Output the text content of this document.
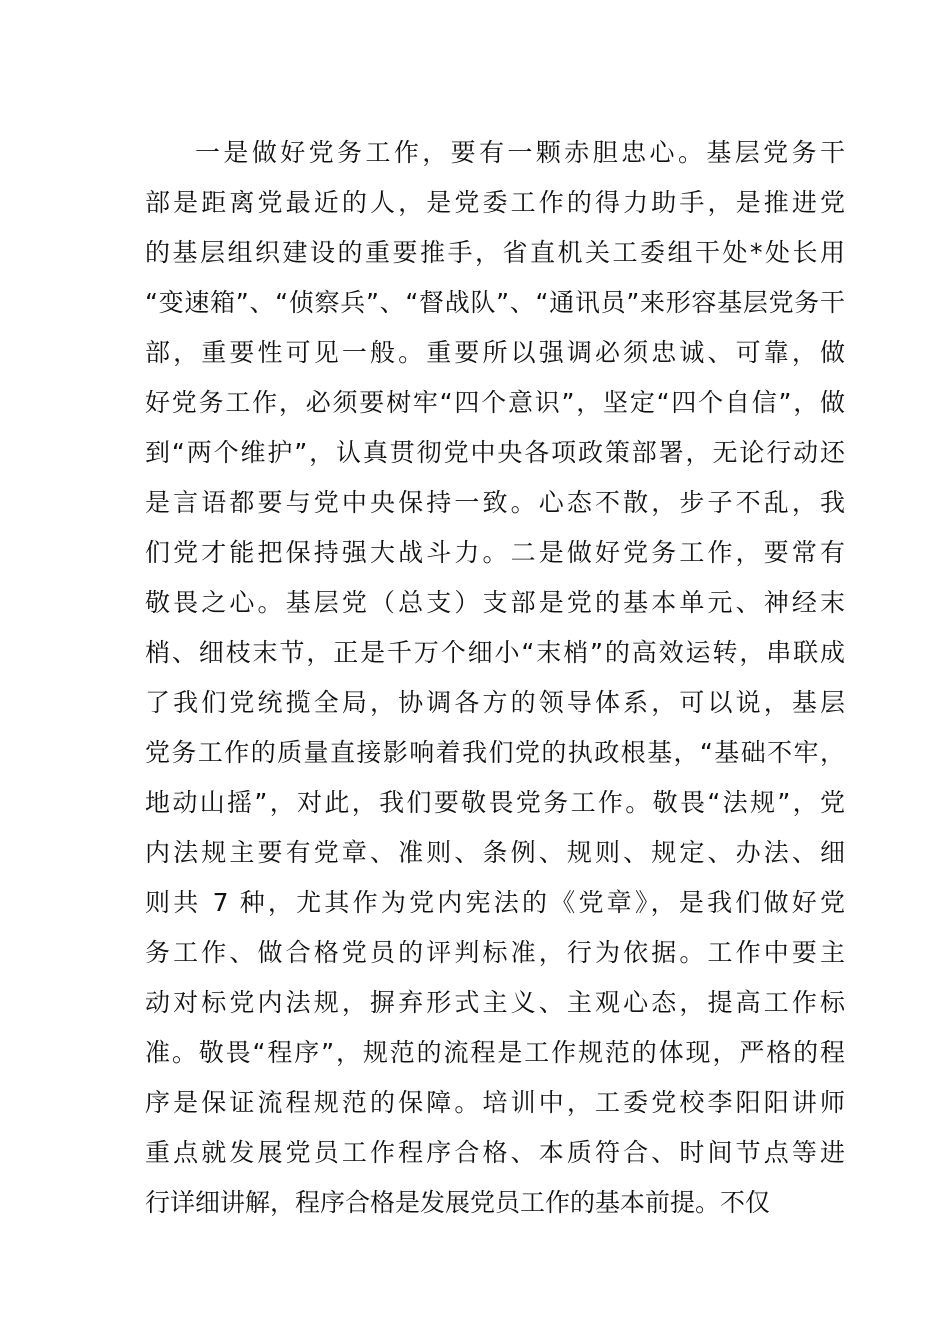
一是做好党务工作，要有一颗赤胆忠心。基层党务干
部是距离党最近的人，是党委工作的得力助手，是推进党
的基层组织建设的重要推手，省直机关工委组干处*处长用
“变速箱”、“侦察兵”、“督战队”、“通讯员”来形容基层党务干
部，重要性可见一般。重要所以强调必须忠诚、可靠，做
好党务工作，必须要树牢“四个意识”，坚定“四个自信”，做
到“两个维护”，认真贯彻党中央各项政策部署，无论行动还
是言语都要与党中央保持一致。心态不散，步子不乱，我
们党才能把保持强大战斗力。二是做好党务工作，要常有
敬畏之心。基层党（总支）支部是党的基本单元、神经末
梢、细枝末节，正是千万个细小“末梢”的高效运转，串联成
了我们党统揽全局，协调各方的领导体系，可以说，基层
党务工作的质量直接影响着我们党的执政根基，“基础不牢，
地动山摇”，对此，我们要敬畏党务工作。敬畏“法规”，党
内法规主要有党章、准则、条例、规则、规定、办法、细
则共 7 种，尤其作为党内宪法的《党章》，是我们做好党
务工作、做合格党员的评判标准，行为依据。工作中要主
动对标党内法规，摒弃形式主义、主观心态，提高工作标
准。敬畏“程序”，规范的流程是工作规范的体现，严格的程
序是保证流程规范的保障。培训中，工委党校李阳阳讲师
重点就发展党员工作程序合格、本质符合、时间节点等进
行详细讲解，程序合格是发展党员工作的基本前提。不仅
